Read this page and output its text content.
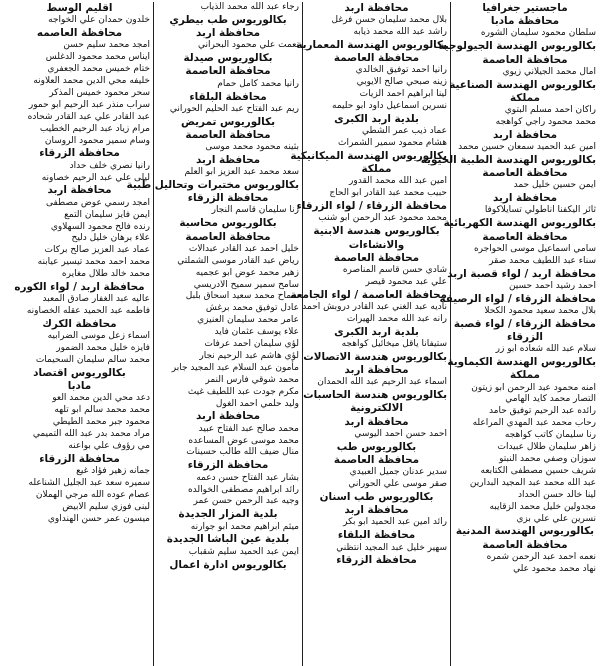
ماجستير جغرافيا
محافظة مادبا
سلطان محمود سليمان الشوره
بكالوريوس الهندسة الجيولوجية
محافظة العاصمة
امال محمد الجيلاني زيوي
بكالوريوس الهندسة الصناعية
مملكة
راكان احمد مسلم البتوي
محمد محمود راجي كواهجه
محافظة اربد
امين عبد الحميد سمعان حسين محمد
بكالوريوس الهندسة الطبية الحيوية
محافظة العاصمة
ايمن حسين خليل حمد
محافظة اربد
ثائر اليكفنا اناطولي تسايلاكوفا
بكالوريوس الهندسة الكهربائية
محافظة العاصمة
سامي اسماعيل موسى الحواجره
سناء عبد اللطيف محمد صقر
محافظة اربد / لواء قصبة اربد
احمد رشيد احمد حسين
محافظة الزرقاء / لواء الرصيفه
بلال محمد سعيد محمود الكحلا
محافظة الزرقاء / لواء قصبة
الزرقاء
سلام عبد الله شعاده ابو زر
بكالوريوس الهندسة الكيماوية
مملكة
امنه محمود عبد الرحمن ابو زيتون
التصار محمد كايد الهامي
رائده عبد الرحيم توفيق حامد
رحاب محمد عبد المهدي المراعله
رنا سليمان كاتب كواهجه
زاهر سليمان طلال عبيدات
سوزان وصفي محمد النبتو
شريف حسين مصطفى الكتابعه
عبد الله محمد عبد المجيد البدارين
لينا خالد حسن الحداد
مجدولين خليل محمد الزقايبه
نسرين علي علي بزي
بكالوريوس الهندسة المدنية
محافظة العاصمة
نعمه احمد عبد الرحمن شمره
نهاد محمد محمود علي
محافظة اربد
بلال محمد سليمان حسن فرغل
راشد عبد الله محمد ذيابه
بكالوريوس الهندسة المعمارية
محافظة العاصمة
رانيا احمد توفيق الخالدي
زينه صبحي صالح الايوبي
لينا ابراهيم احمد الزيات
نسرين اسماعيل داود ابو حليمه
بلدية اربد الكبرى
عماد ذيب عمر الشطي
هشام محمود سمير الشمراث
بكالوريوس الهندسة الميكانيكية
مملكة
امين عبد الله محمد القدور
حبيب محمد عبد القادر ابو الحاج
محافظة الزرقاء / لواء الزرقاء
محمد محمود عبد الرحمن ابو شنب
بكالوريوس هندسة الابنية
والانشاءات
محافظة العاصمة
شادي حسن قاسم المناصره
علي عبد محمود قيصر
محافظة العاصمة / لواء الجامعة
ناديه عبد الغني عبد القادر دروبش احمد
رانه عبد الله محمد الهيرات
بلدية اربد الكبرى
ستيفانا ياقل ميخائيل كواهجه
بكالوريوس هندسة الاتصالات
محافظة اربد
اسماء عبد الرحيم عبد الله الحمدان
بكالوريوس هندسة الحاسبات
الالكترونية
محافظة اربد
احمد حسن احمد اليوسي
بكالوريوس طب
محافظة العاصمة
سدير عدنان جميل العبيدي
صقر موسى علي الحوراني
بكالوريوس طب اسنان
محافظة اربد
رائد امين عبد الحميد ابو بكر
محافظة البلقاء
سهير خليل عبد المجيد انتظني
محافظة الزرقاء
رجاء عبد الله محمد الذياب
بكالوريوس طب بيطري
محافظة اربد
نعمت علي محمود البحراني
بكالوريوس صيدلة
محافظة العاصمة
رانيا محمد كامل حمام
محافظة البلقاء
ريم عبد الفتاح عبد الحليم الحوراني
بكالوريوس تمريض
محافظة العاصمة
بثينه محمود محمد موسى
محافظة اربد
سعد محمد عبد العزيز ابو العلم
بكالوريوس مختبرات وتحاليل طبية
محافظة الزرقاء
رنا سليمان قاسم النجار
بكالوريوس محاسبة
محافظة العاصمة
خليل احمد عبد القادر عبدالات
رياض عبد القادر موسى الشملتي
زهير محمد عوض ابو عجميه
سامح سمير سميح الادريسي
سماح محمد سعيد اسحاق بلبل
عادل توفيق محمد برغش
عامر محمد سليمان العنيزي
علاء يوسف عثمان فايد
لؤي سليمان احمد عرفات
لؤي هاشم عبد الرحيم نجار
مأمون عبد السلام عبد المجيد جابر
محمد شوقي فارس النمر
مكرم جودت عبد اللطيف غيث
وليد حلمي احمد الغول
محافظة اربد
محمد صالح عبد الفتاح عبيد
محمد موسى عوض المساعده
منال ضيف الله طالب حسينات
محافظة الزرقاء
بشار عبد الفتاح حسن دعمه
رائد ابراهيم مصطفى الخوالده
وجيه عبد الرحمن حسن عمر
بلدية المزار الجديدة
ميثم ابراهيم محمد ابو جوارنه
بلدية عين الباشا الجديدة
ايمن عبد الحميد سليم شقباب
بكالوريوس ادارة اعمال
اقليم الوسط
خلدون حمدان علي الخواجه
محافظة العاصمه
امجد محمد سليم حسن
ايناس محمد محمود الدغلس
ختام خميس محمد الجعفري
خليفه محي الدين محمد العلاونه
سحر محمود خميس المذكر
سراب منذر عبد الرحيم ابو حمور
عبد القادر علي عبد القادر شحاده
مرام زياد عبد الرحيم الخطيب
وسام سمير محمود الروسان
محافظة الزرقاء
رانيا نصري خلف حداد
ليلى علي عبد الرحيم خصاونه
محافظة اربد
امجد رسمي عوض مصطفى
ايمن فايز سليمان التمع
رنده فالح محمود السهلاوي
علاء برهان خليل دليح
عماد عبد العزيز صالح بركات
محمد احمد محمد تيسير عيابنه
محمد خالد طلال مغايره
محافظة اربد / لواء الكوره
عاليه عبد الغفار صادق المعبد
فاطمه عبد الحميد عقله الخصاونه
محافظة الكرك
اسماء زعل موسى الضرابيه
فايزه خليل محمد الضمور
محمد سالم سليمان السحيمات
بكالوريوس اقتصاد
مادبا
دعد محي الدين محمد العو
محمد محمد سالم ابو تلهه
محمود جبر محمد الطيطي
مراد محمد بدر عبد الله التميمي
مي رؤوف علي بواعنه
محافظة الزرقاء
جمانه زهير فؤاد غيع
سميره سعد عبد الجليل الشناعله
عصام عوده الله مرجي الهملان
لبنى فوزي سليم الابيض
ميسون عمر حسن الهنداوي
